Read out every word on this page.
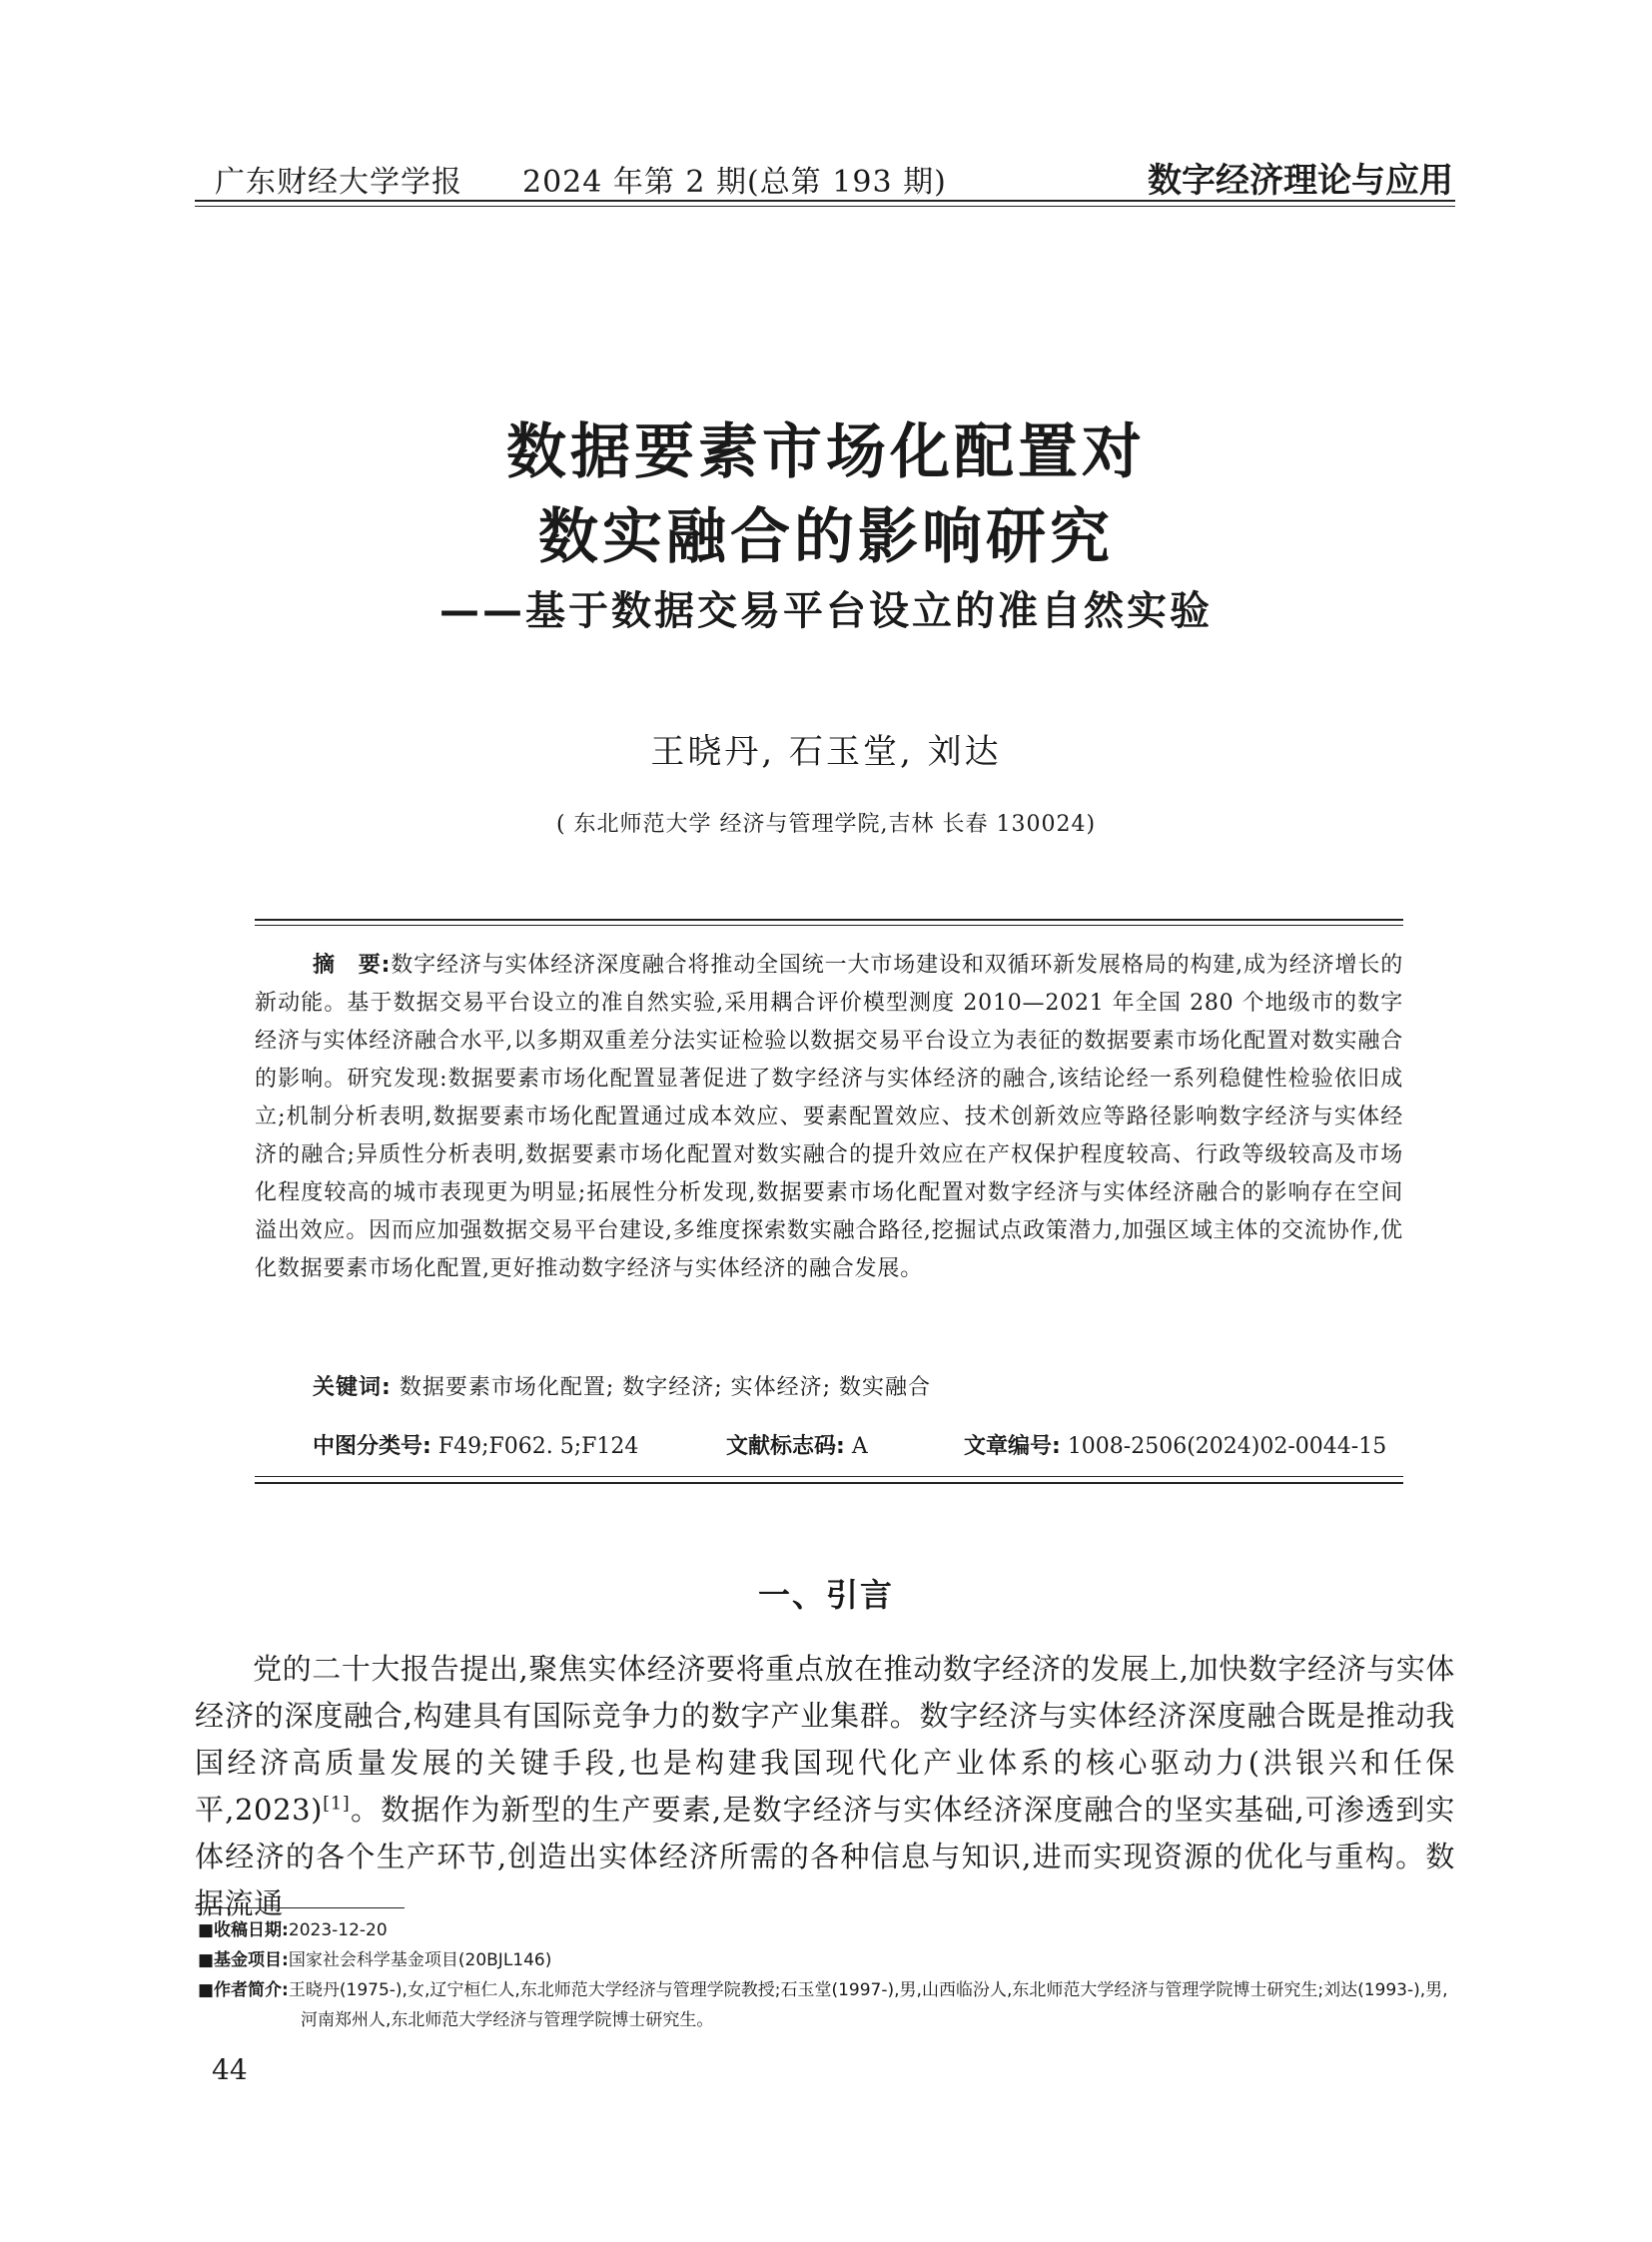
广东财经大学学报 2024 年第 2 期(总第 193 期)	数字经济理论与应用
数据要素市场化配置对
数实融合的影响研究
——基于数据交易平台设立的准自然实验
王晓丹, 石玉堂, 刘达
( 东北师范大学 经济与管理学院,吉林 长春 130024)
摘　要:数字经济与实体经济深度融合将推动全国统一大市场建设和双循环新发展格局的构建,成为经济增长的新动能。基于数据交易平台设立的准自然实验,采用耦合评价模型测度 2010—2021 年全国 280 个地级市的数字经济与实体经济融合水平,以多期双重差分法实证检验以数据交易平台设立为表征的数据要素市场化配置对数实融合的影响。研究发现:数据要素市场化配置显著促进了数字经济与实体经济的融合,该结论经一系列稳健性检验依旧成立;机制分析表明,数据要素市场化配置通过成本效应、要素配置效应、技术创新效应等路径影响数字经济与实体经济的融合;异质性分析表明,数据要素市场化配置对数实融合的提升效应在产权保护程度较高、行政等级较高及市场化程度较高的城市表现更为明显;拓展性分析发现,数据要素市场化配置对数字经济与实体经济融合的影响存在空间溢出效应。因而应加强数据交易平台建设,多维度探索数实融合路径,挖掘试点政策潜力,加强区域主体的交流协作,优化数据要素市场化配置,更好推动数字经济与实体经济的融合发展。
关键词: 数据要素市场化配置; 数字经济; 实体经济; 数实融合
中图分类号: F49;F062. 5;F124	文献标志码: A	文章编号: 1008-2506(2024)02-0044-15
一、引言
党的二十大报告提出,聚焦实体经济要将重点放在推动数字经济的发展上,加快数字经济与实体经济的深度融合,构建具有国际竞争力的数字产业集群。数字经济与实体经济深度融合既是推动我国经济高质量发展的关键手段,也是构建我国现代化产业体系的核心驱动力(洪银兴和任保平,2023)[1]。数据作为新型的生产要素,是数字经济与实体经济深度融合的坚实基础,可渗透到实体经济的各个生产环节,创造出实体经济所需的各种信息与知识,进而实现资源的优化与重构。数据流通
■收稿日期:2023-12-20
■基金项目:国家社会科学基金项目(20BJL146)
■作者简介:王晓丹(1975-),女,辽宁桓仁人,东北师范大学经济与管理学院教授;石玉堂(1997-),男,山西临汾人,东北师范大学经济与管理学院博士研究生;刘达(1993-),男,河南郑州人,东北师范大学经济与管理学院博士研究生。
44
